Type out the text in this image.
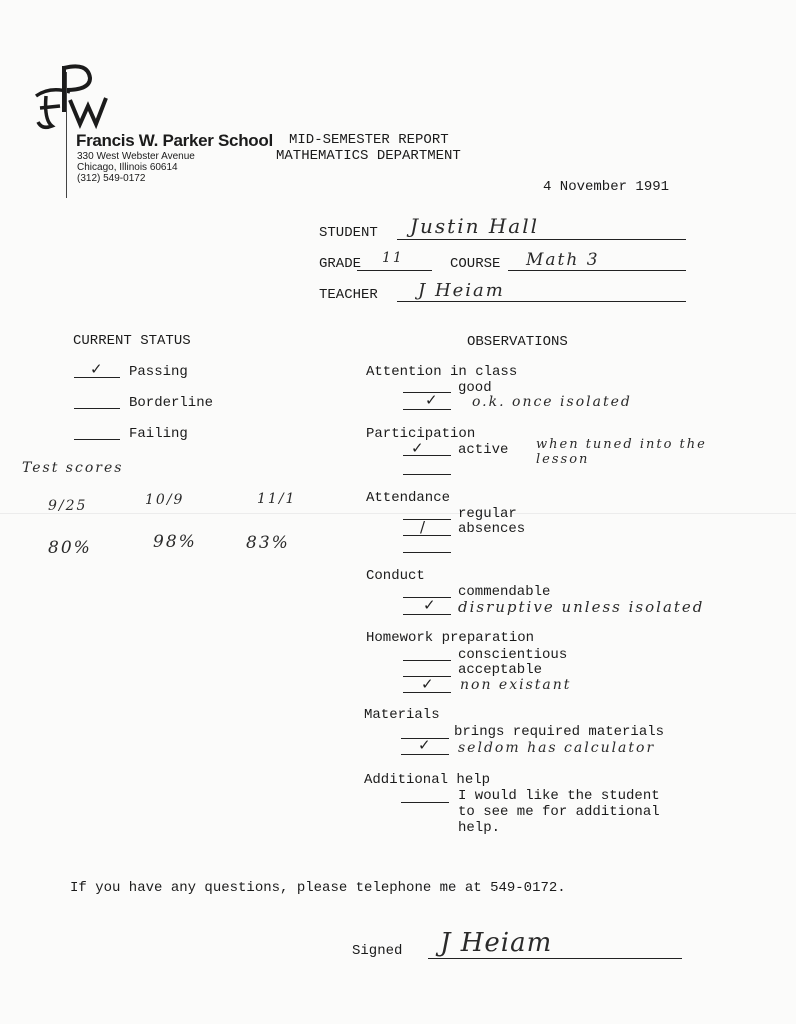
Francis W. Parker School
330 West Webster Avenue
Chicago, Illinois 60614
(312) 549-0172
MID-SEMESTER REPORT
MATHEMATICS DEPARTMENT
4 November 1991
STUDENT Justin Hall
GRADE 11	COURSE Math 3
TEACHER J Heiam
CURRENT STATUS
✓ Passing
Borderline
Failing
Test scores
9/25	10/9	11/1
80%	98%	83%
OBSERVATIONS
Attention in class
good
✓ o.k. once isolated
Participation
✓ active when tuned into the lesson
Attendance
regular
/ absences
Conduct
commendable
✓ disruptive unless isolated
Homework preparation
conscientious
acceptable
✓ non existant
Materials
brings required materials
✓ seldom has calculator
Additional help
I would like the student
to see me for additional
help.
If you have any questions, please telephone me at 549-0172.
Signed J Heiam
